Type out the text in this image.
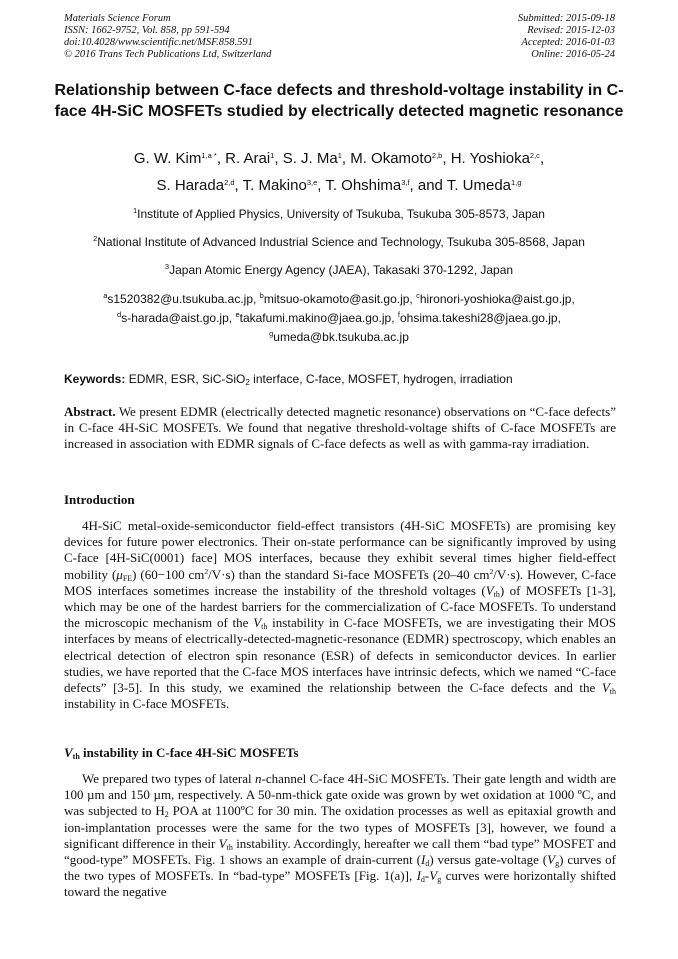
Materials Science Forum
ISSN: 1662-9752, Vol. 858, pp 591-594
doi:10.4028/www.scientific.net/MSF.858.591
© 2016 Trans Tech Publications Ltd, Switzerland
Submitted: 2015-09-18
Revised: 2015-12-03
Accepted: 2016-01-03
Online: 2016-05-24
Relationship between C-face defects and threshold-voltage instability in C-face 4H-SiC MOSFETs studied by electrically detected magnetic resonance
G. W. Kim$^{1,a *}$, R. Arai$^1$, S. J. Ma$^1$, M. Okamoto$^{2,b}$, H. Yoshioka$^{2,c}$,
S. Harada$^{2,d}$, T. Makino$^{3,e}$, T. Ohshima$^{3,f}$, and T. Umeda$^{1,g}$
$^1$Institute of Applied Physics, University of Tsukuba, Tsukuba 305-8573, Japan
$^2$National Institute of Advanced Industrial Science and Technology, Tsukuba 305-8568, Japan
$^3$Japan Atomic Energy Agency (JAEA), Takasaki 370-1292, Japan
$^a$s1520382@u.tsukuba.ac.jp, $^b$mitsuo-okamoto@asit.go.jp, $^c$hironori-yoshioka@aist.go.jp,
$^d$s-harada@aist.go.jp, $^e$takafumi.makino@jaea.go.jp, $^f$ohsima.takeshi28@jaea.go.jp,
$^g$umeda@bk.tsukuba.ac.jp
Keywords: EDMR, ESR, SiC-SiO$_2$ interface, C-face, MOSFET, hydrogen, irradiation
Abstract. We present EDMR (electrically detected magnetic resonance) observations on “C-face defects” in C-face 4H-SiC MOSFETs. We found that negative threshold-voltage shifts of C-face MOSFETs are increased in association with EDMR signals of C-face defects as well as with gamma-ray irradiation.
Introduction
4H-SiC metal-oxide-semiconductor field-effect transistors (4H-SiC MOSFETs) are promising key devices for future power electronics. Their on-state performance can be significantly improved by using C-face [4H-SiC(0001) face] MOS interfaces, because they exhibit several times higher field-effect mobility $(\mu_{FE})$ (60−100 $cm^2/V\cdot s$) than the standard Si-face MOSFETs (20–40 $cm^2/V\cdot s$). However, C-face MOS interfaces sometimes increase the instability of the threshold voltages $(V_{th})$ of MOSFETs [1-3], which may be one of the hardest barriers for the commercialization of C-face MOSFETs. To understand the microscopic mechanism of the $V_{th}$ instability in C-face MOSFETs, we are investigating their MOS interfaces by means of electrically-detected-magnetic-resonance (EDMR) spectroscopy, which enables an electrical detection of electron spin resonance (ESR) of defects in semiconductor devices. In earlier studies, we have reported that the C-face MOS interfaces have intrinsic defects, which we named “C-face defects” [3-5]. In this study, we examined the relationship between the C-face defects and the $V_{th}$ instability in C-face MOSFETs.
$V_{th}$ instability in C-face 4H-SiC MOSFETs
We prepared two types of lateral n-channel C-face 4H-SiC MOSFETs. Their gate length and width are 100 µm and 150 µm, respectively. A 50-nm-thick gate oxide was grown by wet oxidation at 1000 ºC, and was subjected to $H_2$ POA at 1100ºC for 30 min. The oxidation processes as well as epitaxial growth and ion-implantation processes were the same for the two types of MOSFETs [3], however, we found a significant difference in their $V_{th}$ instability. Accordingly, hereafter we call them “bad type” MOSFET and “good-type” MOSFETs. Fig. 1 shows an example of drain-current $(I_d)$ versus gate-voltage $(V_g)$ curves of the two types of MOSFETs. In “bad-type” MOSFETs [Fig. 1(a)], $I_d-V_g$ curves were horizontally shifted toward the negative
